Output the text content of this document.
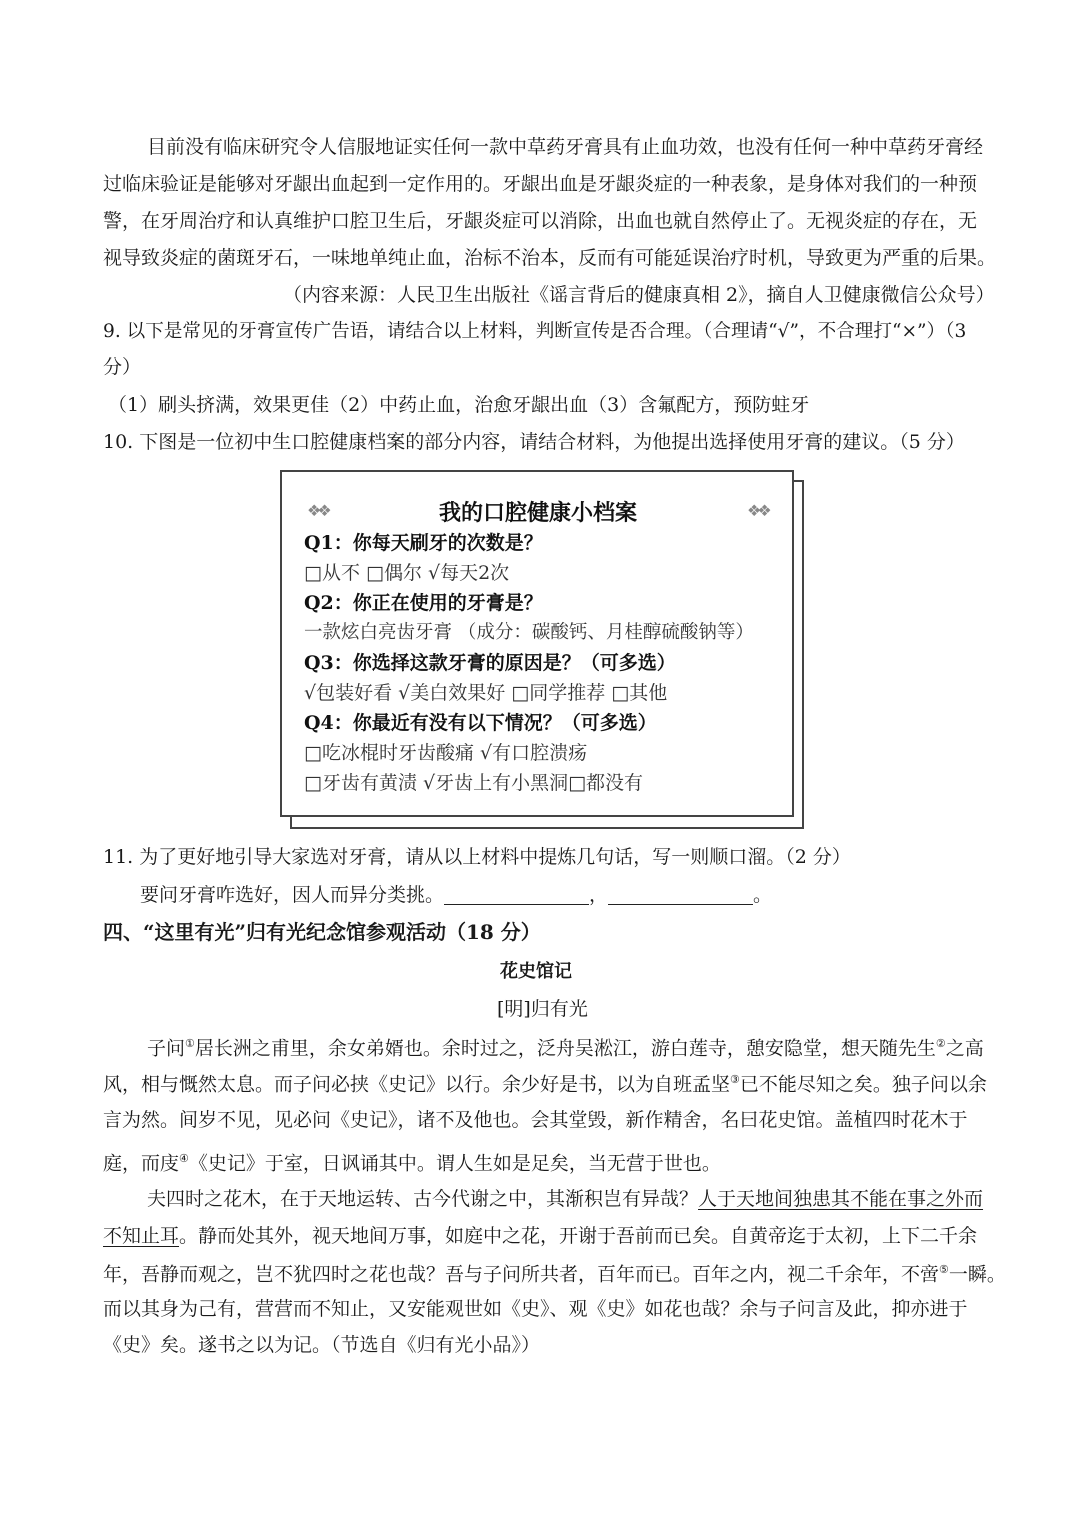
目前没有临床研究令人信服地证实任何一款中草药牙膏具有止血功效，也没有任何一种中草药牙膏经
过临床验证是能够对牙龈出血起到一定作用的。牙龈出血是牙龈炎症的一种表象，是身体对我们的一种预
警，在牙周治疗和认真维护口腔卫生后，牙龈炎症可以消除，出血也就自然停止了。无视炎症的存在，无
视导致炎症的菌斑牙石，一味地单纯止血，治标不治本，反而有可能延误治疗时机，导致更为严重的后果。
（内容来源：人民卫生出版社《谣言背后的健康真相 2》，摘自人卫健康微信公众号）
9. 以下是常见的牙膏宣传广告语，请结合以上材料，判断宣传是否合理。（合理请“√”，不合理打“×”）（3
分）
（1）刷头挤满，效果更佳（2）中药止血，治愈牙龈出血（3）含氟配方，预防蛀牙
10. 下图是一位初中生口腔健康档案的部分内容，请结合材料，为他提出选择使用牙膏的建议。（5 分）
❖❖	❖❖
我的口腔健康小档案
Q1：你每天刷牙的次数是？
□从不 □偶尔 √每天2次
Q2：你正在使用的牙膏是？
一款炫白亮齿牙膏 （成分：碳酸钙、月桂醇硫酸钠等）
Q3：你选择这款牙膏的原因是？（可多选）
√包装好看 √美白效果好 □同学推荐 □其他
Q4：你最近有没有以下情况？（可多选）
□吃冰棍时牙齿酸痛 √有口腔溃疡
□牙齿有黄渍 √牙齿上有小黑洞□都没有
11. 为了更好地引导大家选对牙膏，请从以上材料中提炼几句话，写一则顺口溜。（2 分）
要问牙膏咋选好，因人而异分类挑。	，	。
四、“这里有光”归有光纪念馆参观活动（18 分）
花史馆记
[明]归有光
子问①居长洲之甫里，余女弟婿也。余时过之，泛舟吴淞江，游白莲寺，憩安隐堂，想天随先生②之高
风，相与慨然太息。而子问必挟《史记》以行。余少好是书，以为自班孟坚③已不能尽知之矣。独子问以余
言为然。间岁不见，见必问《史记》，诸不及他也。会其堂毁，新作精舍，名曰花史馆。盖植四时花木于
庭，而庋④《史记》于室，日讽诵其中。谓人生如是足矣，当无营于世也。
夫四时之花木，在于天地运转、古今代谢之中，其渐积岂有异哉？人于天地间独患其不能在事之外而
不知止耳。静而处其外，视天地间万事，如庭中之花，开谢于吾前而已矣。自黄帝迄于太初，上下二千余
年，吾静而观之，岂不犹四时之花也哉？吾与子问所共者，百年而已。百年之内，视二千余年，不啻⑤一瞬。
而以其身为己有，营营而不知止，又安能观世如《史》、观《史》如花也哉？余与子问言及此，抑亦进于
《史》矣。遂书之以为记。（节选自《归有光小品》）
